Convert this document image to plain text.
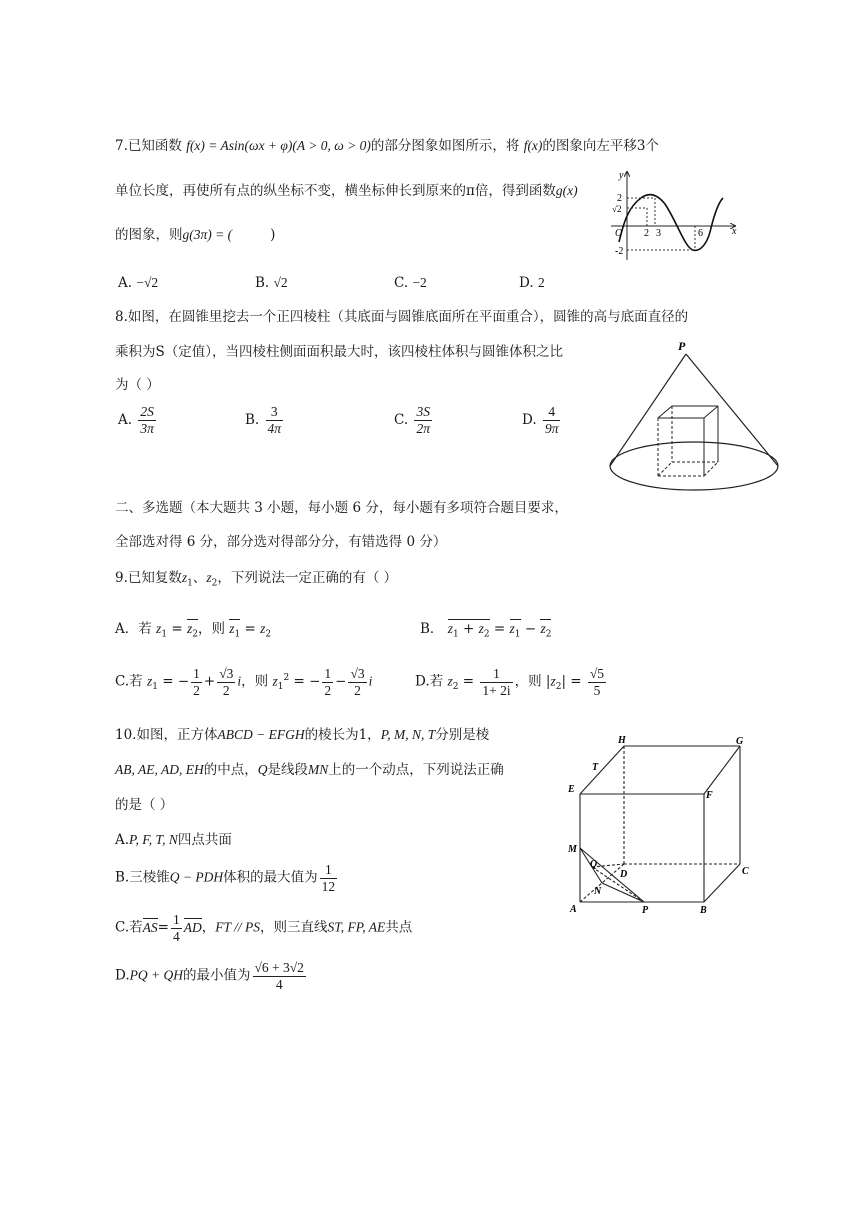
7.已知函数 f(x) = Asin(ωx + φ)(A > 0, ω > 0)的部分图象如图所示，将 f(x)的图象向左平移3个
单位长度，再使所有点的纵坐标不变，横坐标伸长到原来的π倍，得到函数g(x)
的图象，则g(3π) = (	)
A. −√2	B. √2	C. −2	D. 2
y
x
O
2
√2
-2
2 3	6
8.如图，在圆锥里挖去一个正四棱柱（其底面与圆锥底面所在平面重合），圆锥的高与底面直径的
乘积为S（定值），当四棱柱侧面面积最大时，该四棱柱体积与圆锥体积之比
为（ ）
A. $\frac{2S}{3\pi}$	B. $\frac{3}{4\pi}$	C. $\frac{3S}{2\pi}$	D. $\frac{4}{9\pi}$
P
二、多选题（本大题共 3 小题，每小题 6 分，每小题有多项符合题目要求，
全部选对得 6 分，部分选对得部分分，有错选得 0 分）
9.已知复数$z_1$、$z_2$，下列说法一定正确的有（ ）
A．若 $z_1 = z_2$，则 $z_1 = z_2$	B． $z_1 + z_2 = z_1 - z_2$
C.若 $z_1$ = − $\frac{1}{2} + \frac{√3}{2}$ i，则 $z_1^2$ = − $\frac{1}{2} - \frac{√3}{2}$ i	D.若 $z_2 = \frac{1}{1+ 2i}$ ，则 $|z_2| = \frac{√5}{5}$
10.如图，正方体ABCD − EFGH的棱长为1，P, M, N, T分别是棱
AB, AE, AD, EH的中点，Q是线段MN上的一个动点，下列说法正确
的是（ ）
A.P, F, T, N四点共面
B.三棱锥Q − PDH体积的最大值为 $\frac{1}{12}$
C.若$AS= \frac{1}{4}$ AD，FT // PS，则三直线ST, FP, AE共点
D.PQ + QH的最小值为 $\frac{√6 + 3√2}{4}$
H	G
T
E
F
M
Q
D	C
N
A	P	B
